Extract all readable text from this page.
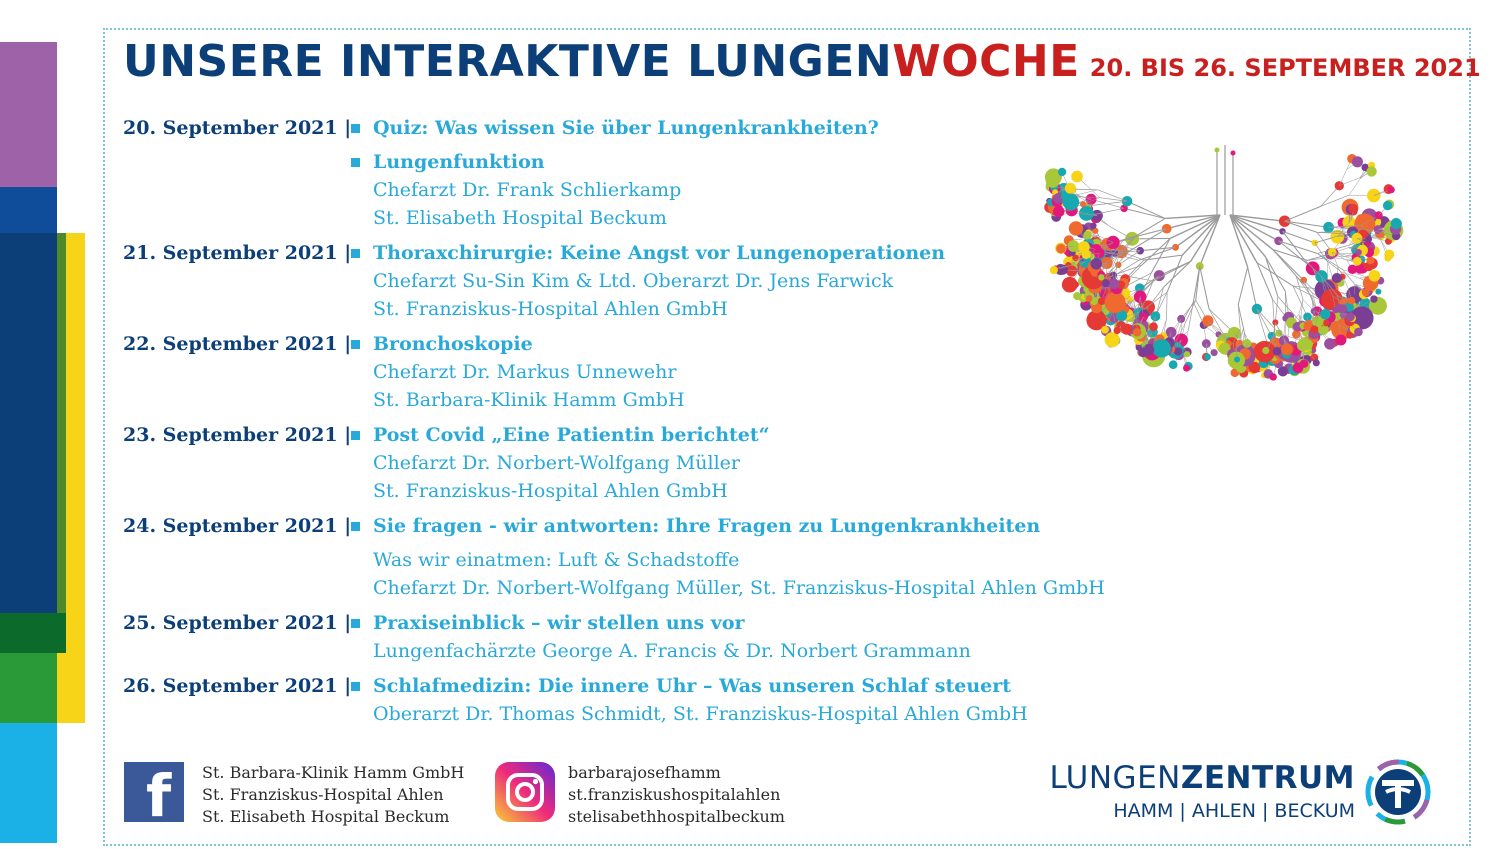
UNSERE INTERAKTIVE LUNGENWOCHE 20. BIS 26. SEPTEMBER 2021
20. September 2021 | Quiz: Was wissen Sie über Lungenkrankheiten?
Lungenfunktion
Chefarzt Dr. Frank Schlierkamp
St. Elisabeth Hospital Beckum
21. September 2021 | Thoraxchirurgie: Keine Angst vor Lungenoperationen
Chefarzt Su-Sin Kim & Ltd. Oberarzt Dr. Jens Farwick
St. Franziskus-Hospital Ahlen GmbH
22. September 2021 | Bronchoskopie
Chefarzt Dr. Markus Unnewehr
St. Barbara-Klinik Hamm GmbH
23. September 2021 | Post Covid „Eine Patientin berichtet“
Chefarzt Dr. Norbert-Wolfgang Müller
St. Franziskus-Hospital Ahlen GmbH
24. September 2021 | Sie fragen - wir antworten: Ihre Fragen zu Lungenkrankheiten
Was wir einatmen: Luft & Schadstoffe
Chefarzt Dr. Norbert-Wolfgang Müller, St. Franziskus-Hospital Ahlen GmbH
25. September 2021 | Praxiseinblick – wir stellen uns vor
Lungenfachärzte George A. Francis & Dr. Norbert Grammann
26. September 2021 | Schlafmedizin: Die innere Uhr – Was unseren Schlaf steuert
Oberarzt Dr. Thomas Schmidt, St. Franziskus-Hospital Ahlen GmbH
f St. Barbara-Klinik Hamm GmbH
St. Franziskus-Hospital Ahlen
St. Elisabeth Hospital Beckum
barbarajosefhamm
st.franziskushospitalahlen
stelisabethhospitalbeckum
LUNGENZENTRUM
HAMM | AHLEN | BECKUM
